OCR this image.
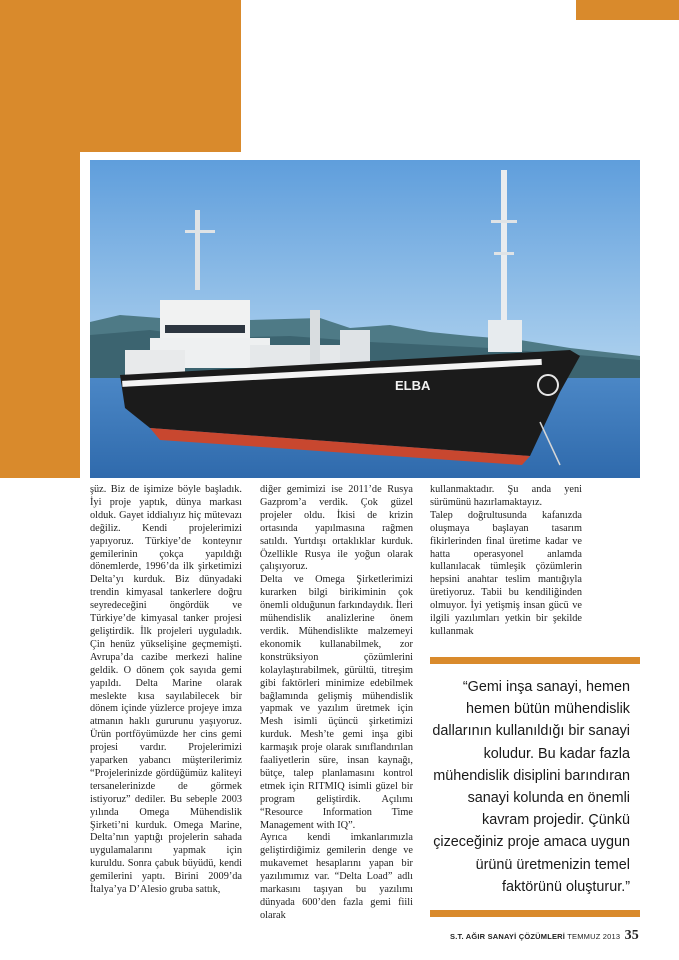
ELBA

şüz. Biz de işimize böyle başladık. İyi proje yaptık, dünya markası olduk. Gayet iddialıyız hiç mütevazı değiliz. Kendi projelerimizi yapıyoruz. Türkiye’de konteynır gemilerinin çokça yapıldığı dönemlerde, 1996’da ilk şirketimizi Delta’yı kurduk. Biz dünyadaki trendin kimyasal tankerlere doğru seyredeceğini öngördük ve Türkiye’de kimyasal tanker projesi geliştirdik. İlk projeleri uyguladık. Çin henüz yükselişine geçmemişti. Avrupa’da cazibe merkezi haline geldik. O dönem çok sayıda gemi yapıldı. Delta Marine olarak meslekte kısa sayılabilecek bir dönem içinde yüzlerce projeye imza atmanın haklı gururunu yaşıyoruz. Ürün portföyümüzde her cins gemi projesi vardır. Projelerimizi yaparken yabancı müşterilerimiz “Projelerinizde gördüğümüz kaliteyi tersanelerinizde de görmek istiyoruz” dediler. Bu sebeple 2003 yılında Omega Mühendislik Şirketi’ni kurduk. Omega Marine, Delta’nın yaptığı projelerin sahada uygulamalarını yapmak için kuruldu. Sonra çabuk büyüdü, kendi gemilerini yaptı. Birini 2009’da İtalya’ya D’Alesio gruba sattık,

diğer gemimizi ise 2011’de Rusya Gazprom’a verdik. Çok güzel projeler oldu. İkisi de krizin ortasında yapılmasına rağmen satıldı. Yurtdışı ortaklıklar kurduk. Özellikle Rusya ile yoğun olarak çalışıyoruz.

Delta ve Omega Şirketlerimizi kurarken bilgi birikiminin çok önemli olduğunun farkındaydık. İleri mühendislik analizlerine önem verdik. Mühendislikte malzemeyi ekonomik kullanabilmek, zor konstrüksiyon çözümlerini kolaylaştırabilmek, gürültü, titreşim gibi faktörleri minimize edebilmek bağlamında gelişmiş mühendislik yapmak ve yazılım üretmek için Mesh isimli üçüncü şirketimizi kurduk. Mesh’te gemi inşa gibi karmaşık proje olarak sınıflandırılan faaliyetlerin süre, insan kaynağı, bütçe, talep planlamasını kontrol etmek için RITMIQ isimli güzel bir program geliştirdik. Açılımı “Resource Information Time Management with IQ”.

Ayrıca kendi imkanlarımızla geliştirdiğimiz gemilerin denge ve mukavemet hesaplarını yapan bir yazılımımız var. “Delta Load” adlı markasını taşıyan bu yazılımı dünyada 600’den fazla gemi fiili olarak

kullanmaktadır. Şu anda yeni sürümünü hazırlamaktayız.

Talep doğrultusunda kafanızda oluşmaya başlayan tasarım fikirlerinden final üretime kadar ve hatta operasyonel anlamda kullanılacak tümleşik çözümlerin hepsini anahtar teslim mantığıyla üretiyoruz. Tabii bu kendiliğinden olmuyor. İyi yetişmiş insan gücü ve ilgili yazılımları yetkin bir şekilde kullanmak

“Gemi inşa sanayi, hemen hemen bütün mühendislik dallarının kullanıldığı bir sanayi koludur. Bu kadar fazla mühendislik disiplini barındıran sanayi kolunda en önemli kavram projedir. Çünkü çizeceğiniz proje amaca uygun ürünü üretmenizin temel faktörünü oluşturur.”
S.T. AĞIR SANAYİ ÇÖZÜMLERİ TEMMUZ 2013 35
